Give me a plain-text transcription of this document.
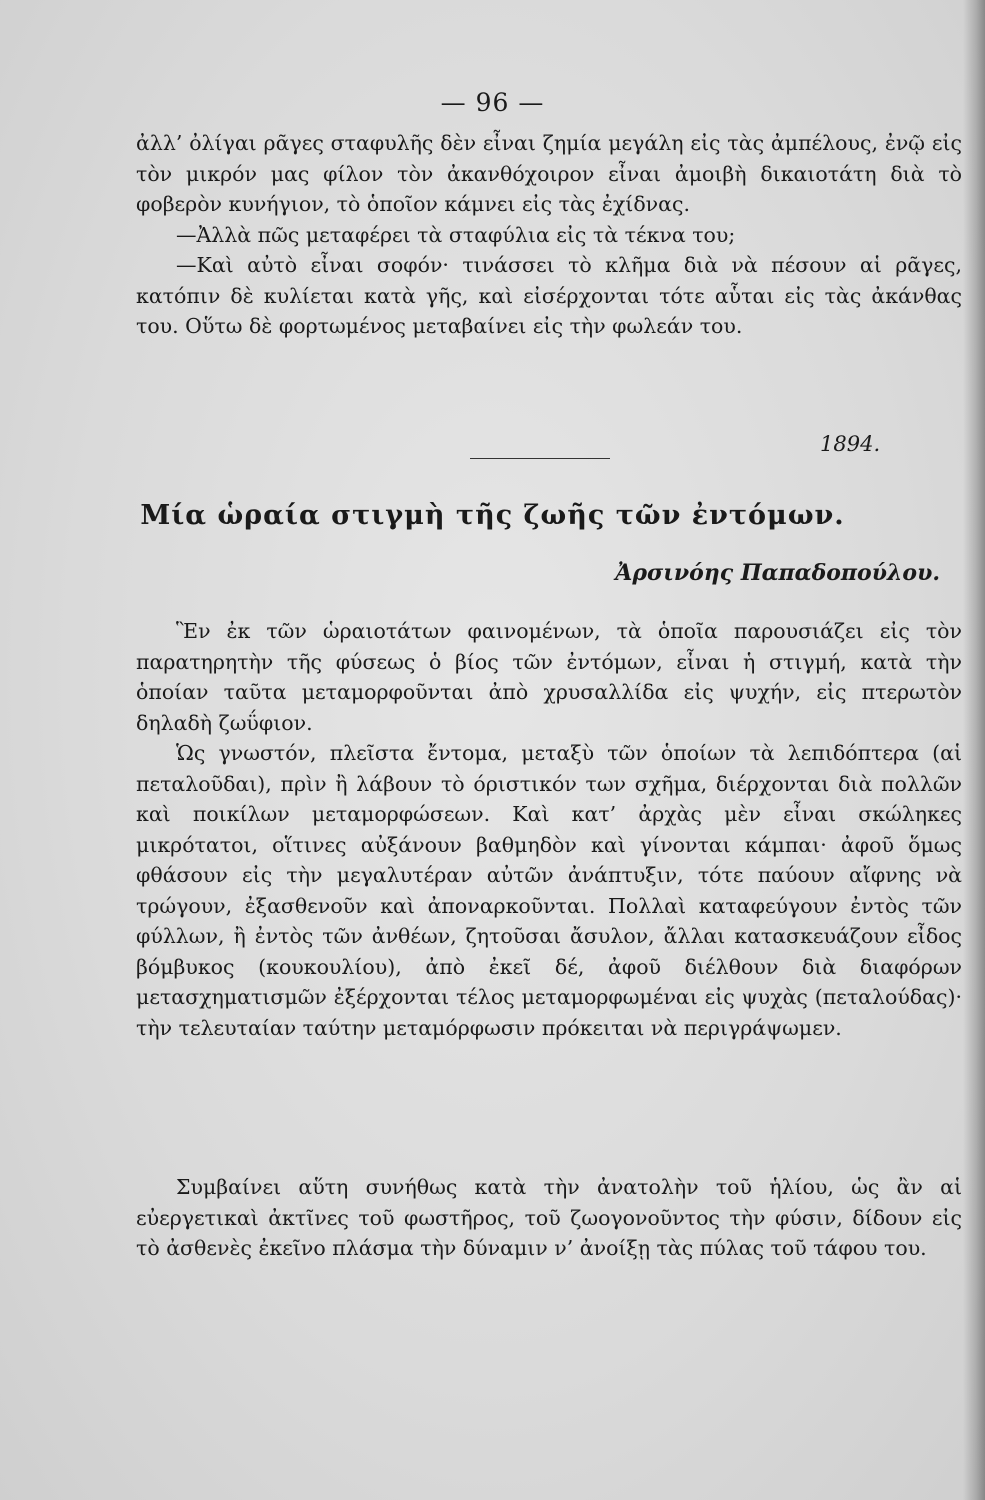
— 96 —

ἀλλ’ ὀλίγαι ρᾶγες σταφυλῆς δὲν εἶναι ζημία μεγάλη εἰς τὰς ἀμπέλους, ἐνῷ εἰς τὸν μικρόν μας φίλον τὸν ἀκανθόχοιρον εἶναι ἀμοιβὴ δικαιοτάτη διὰ τὸ φοβερὸν κυνήγιον, τὸ ὁποῖον κάμνει εἰς τὰς ἐχίδνας.

—Ἀλλὰ πῶς μεταφέρει τὰ σταφύλια εἰς τὰ τέκνα του;

—Καὶ αὐτὸ εἶναι σοφόν· τινάσσει τὸ κλῆμα διὰ νὰ πέσουν αἱ ρᾶγες, κατόπιν δὲ κυλίεται κατὰ γῆς, καὶ εἰσέρχονται τότε αὗται εἰς τὰς ἀκάνθας του. Οὕτω δὲ φορτωμένος μεταβαίνει εἰς τὴν φωλεάν του.

1894.
Μία ὡραία στιγμὴ τῆς ζωῆς τῶν ἐντόμων.
Ἀρσινόης Παπαδοπούλου.

Ἓν ἐκ τῶν ὡραιοτάτων φαινομένων, τὰ ὁποῖα παρουσιάζει εἰς τὸν παρατηρητὴν τῆς φύσεως ὁ βίος τῶν ἐντόμων, εἶναι ἡ στιγμή, κατὰ τὴν ὁποίαν ταῦτα μεταμορφοῦνται ἀπὸ χρυσαλλίδα εἰς ψυχήν, εἰς πτερωτὸν δηλαδὴ ζωΰφιον.

Ὡς γνωστόν, πλεῖστα ἔντομα, μεταξὺ τῶν ὁποίων τὰ λεπιδόπτερα (αἱ πεταλοῦδαι), πρὶν ἢ λάβουν τὸ όριστικόν των σχῆμα, διέρχονται διὰ πολλῶν καὶ ποικίλων μεταμορφώσεων. Καὶ κατ’ ἀρχὰς μὲν εἶναι σκώληκες μικρότατοι, οἵτινες αὐξάνουν βαθμηδὸν καὶ γίνονται κάμπαι· ἀφοῦ ὅμως φθάσουν εἰς τὴν μεγαλυτέραν αὐτῶν ἀνάπτυξιν, τότε παύουν αἴφνης νὰ τρώγουν, ἐξασθενοῦν καὶ ἀποναρκοῦνται. Πολλαὶ καταφεύγουν ἐντὸς τῶν φύλλων, ἢ ἐντὸς τῶν ἀνθέων, ζητοῦσαι ἄσυλον, ἄλλαι κατασκευάζουν εἶδος βόμβυκος (κουκουλίου), ἀπὸ ἐκεῖ δέ, ἀφοῦ διέλθουν διὰ διαφόρων μετασχηματισμῶν ἐξέρχονται τέλος μεταμορφωμέναι εἰς ψυχὰς (πεταλούδας)· τὴν τελευταίαν ταύτην μεταμόρφωσιν πρόκειται νὰ περιγράψωμεν.

Συμβαίνει αὕτη συνήθως κατὰ τὴν ἀνατολὴν τοῦ ἡλίου, ὡς ἂν αἱ εὐεργετικαὶ ἀκτῖνες τοῦ φωστῆρος, τοῦ ζωογονοῦντος τὴν φύσιν, δίδουν εἰς τὸ ἀσθενὲς ἐκεῖνο πλάσμα τὴν δύναμιν ν’ ἀνοίξῃ τὰς πύλας τοῦ τάφου του.
